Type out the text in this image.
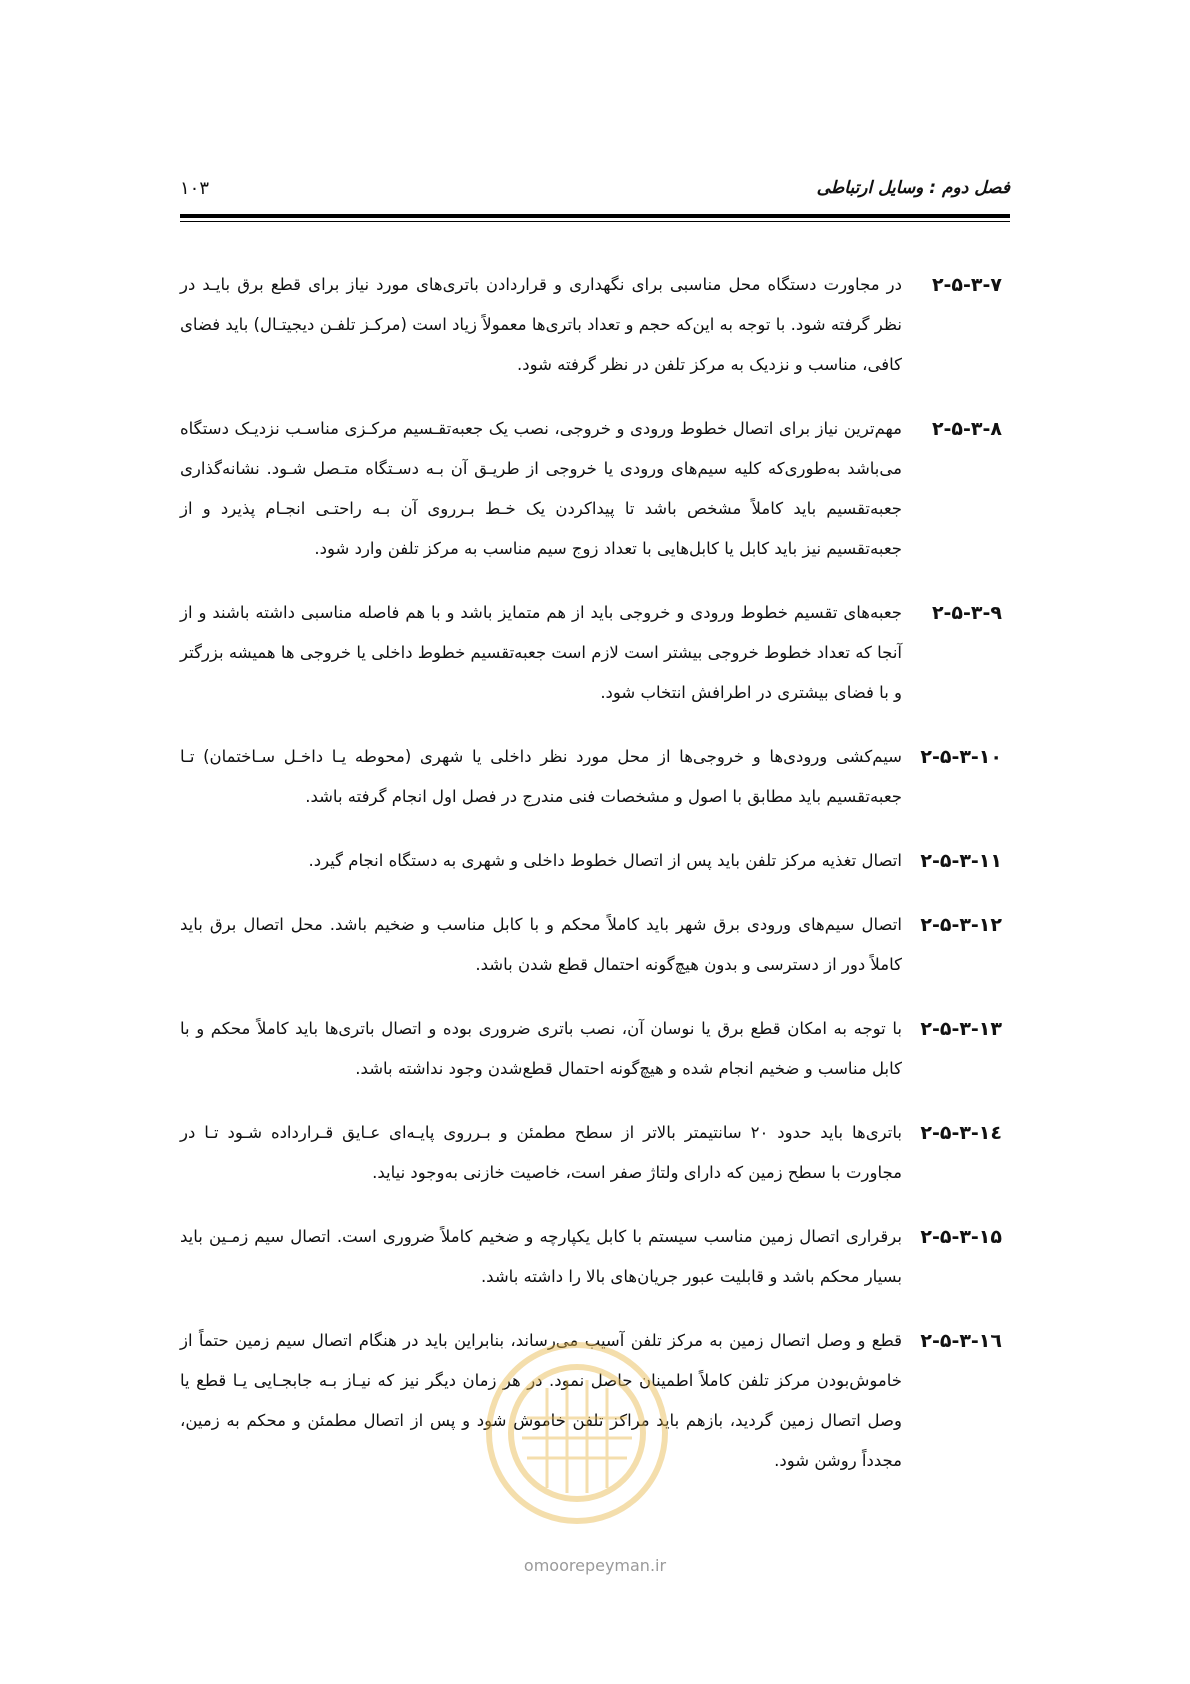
فصل دوم : وسایل ارتباطی
۱۰۳
۲-۵-۳-۷
در مجاورت دستگاه محل مناسبی برای نگهداری و قراردادن باتری‌های مورد نیاز برای قطع برق بایـد در نظر گرفته شود. با توجه به این‌که حجم و تعداد باتری‌ها معمولاً زیاد است (مرکـز تلفـن دیجیتـال) باید فضای کافی، مناسب و نزدیک به مرکز تلفن در نظر گرفته شود.
۲-۵-۳-۸
مهم‌ترین نیاز برای اتصال خطوط ورودی و خروجی، نصب یک جعبه‌تقـسیم مرکـزی مناسـب نزدیـک دستگاه می‌باشد به‌طوری‌که کلیه سیم‌های ورودی یا خروجی از طریـق آن بـه دسـتگاه متـصل شـود. نشانه‌گذاری جعبه‌تقسیم باید کاملاً مشخص باشد تا پیداکردن یک خـط بـرروی آن بـه راحتـی انجـام پذیرد و از جعبه‌تقسیم نیز باید کابل یا کابل‌هایی با تعداد زوج سیم مناسب به مرکز تلفن وارد شود.
۲-۵-۳-۹
جعبه‌های تقسیم خطوط ورودی و خروجی باید از هم متمایز باشد و با هم فاصله مناسبی داشته باشند و از آنجا که تعداد خطوط خروجی بیشتر است لازم است جعبه‌تقسیم خطوط داخلی یا خروجی ها همیشه بزرگتر و با فضای بیشتری در اطرافش انتخاب شود.
۲-۵-۳-۱۰
سیم‌کشی ورودی‌ها و خروجی‌ها از محل مورد نظر داخلی یا شهری (محوطه یـا داخـل سـاختمان) تـا جعبه‌تقسیم باید مطابق با اصول و مشخصات فنی مندرج در فصل اول انجام گرفته باشد.
۲-۵-۳-۱۱
اتصال تغذیه مرکز تلفن باید پس از اتصال خطوط داخلی و شهری به دستگاه انجام گیرد.
۲-۵-۳-۱۲
اتصال سیم‌های ورودی برق شهر باید کاملاً محکم و با کابل مناسب و ضخیم باشد. محل اتصال برق باید کاملاً دور از دسترسی و بدون هیچ‌گونه احتمال قطع شدن باشد.
۲-۵-۳-۱۳
با توجه به امکان قطع برق یا نوسان آن، نصب باتری ضروری بوده و اتصال باتری‌ها باید کاملاً محکم و با کابل مناسب و ضخیم انجام شده و هیچ‌گونه احتمال قطع‌شدن وجود نداشته باشد.
۲-۵-۳-۱٤
باتری‌ها باید حدود ۲۰ سانتیمتر بالاتر از سطح مطمئن و بـرروی پایـه‌ای عـایق قـرارداده شـود تـا در مجاورت با سطح زمین که دارای ولتاژ صفر است، خاصیت خازنی به‌وجود نیاید.
۲-۵-۳-۱۵
برقراری اتصال زمین مناسب سیستم با کابل یکپارچه و ضخیم کاملاً ضروری است. اتصال سیم زمـین باید بسیار محکم باشد و قابلیت عبور جریان‌های بالا را داشته باشد.
۲-۵-۳-۱٦
قطع و وصل اتصال زمین به مرکز تلفن آسیب می‌رساند، بنابراین باید در هنگام اتصال سیم زمین حتماً از خاموش‌بودن مرکز تلفن کاملاً اطمینان حاصل نمود. در هر زمان دیگر نیز که نیـاز بـه جابجـایی یـا قطع یا وصل اتصال زمین گردید، بازهم باید مراکز تلفن خاموش شود و پس از اتصال مطمئن و محکم به زمین، مجدداً روشن شود.
omoorepeyman.ir
